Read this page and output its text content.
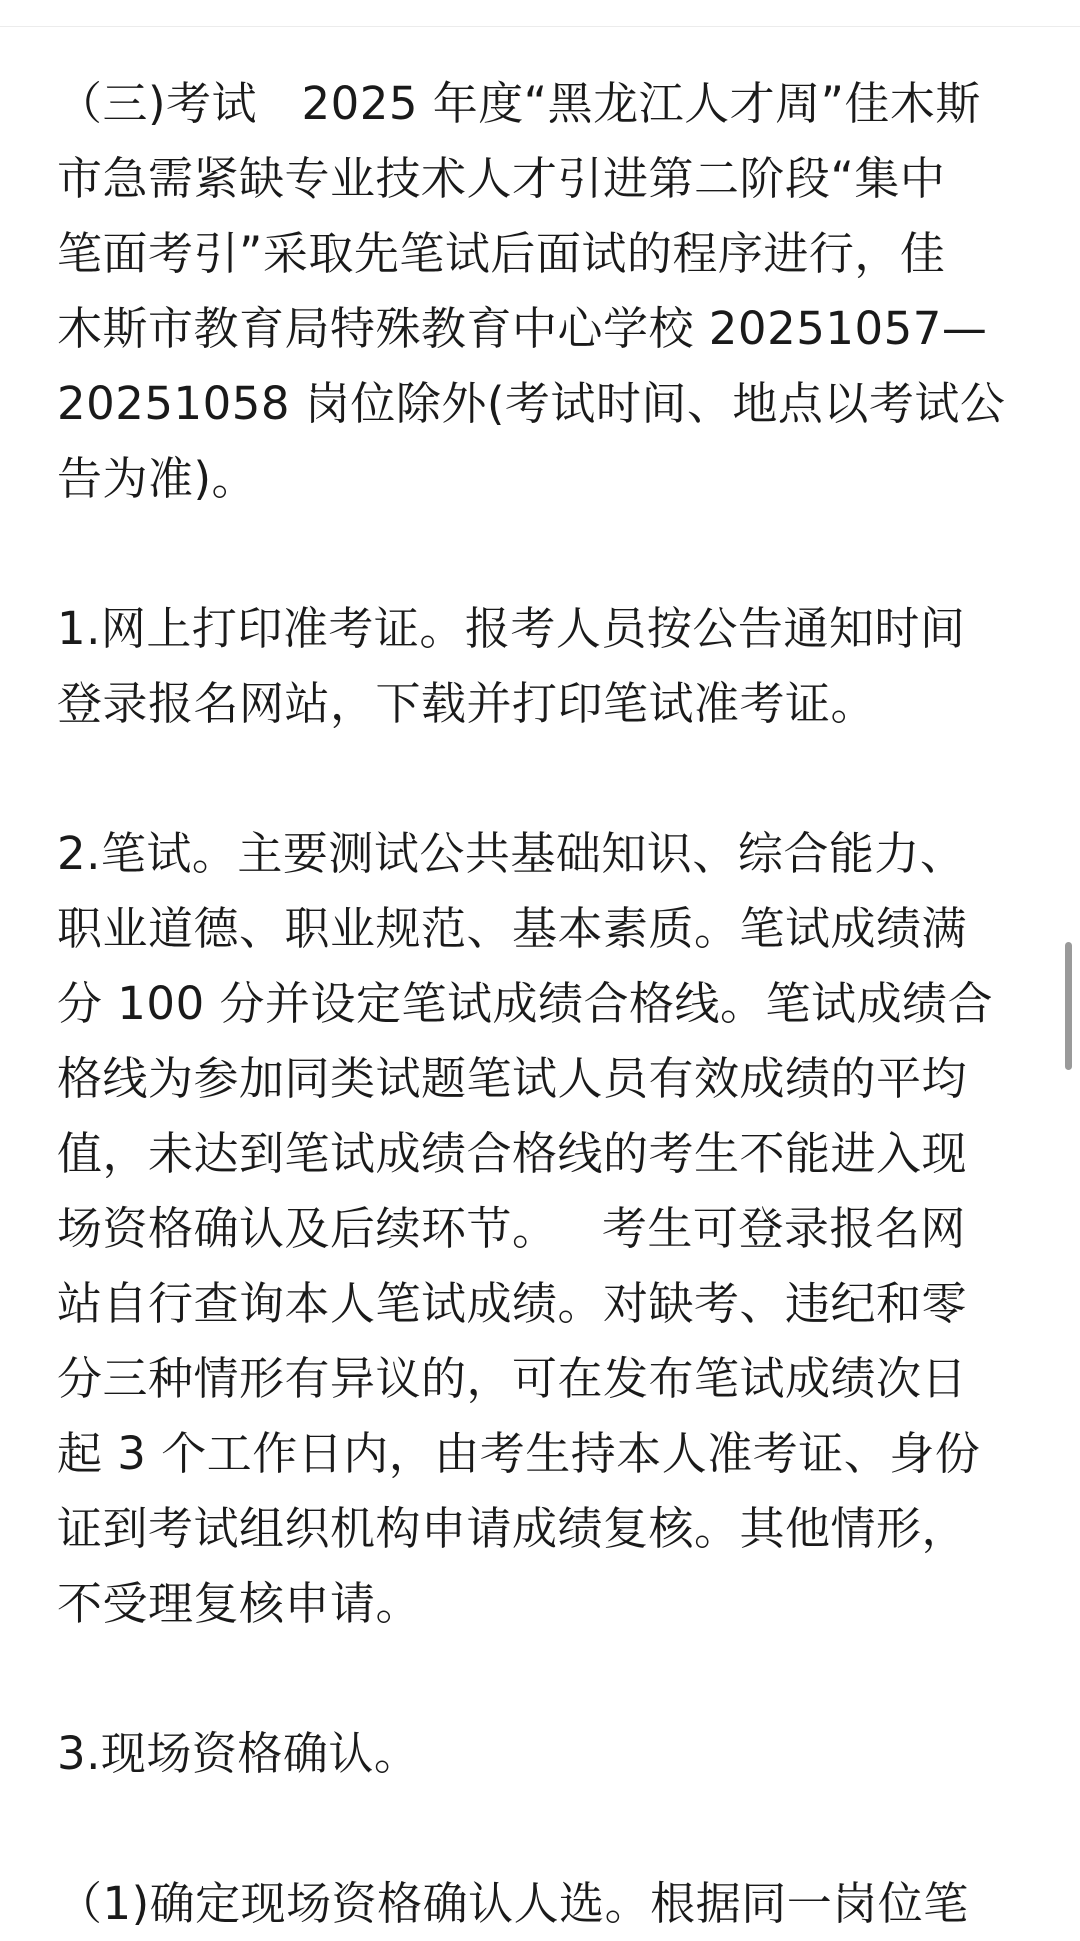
（三)考试   2025 年度“黑龙江人才周”佳木斯
市急需紧缺专业技术人才引进第二阶段“集中
笔面考引”采取先笔试后面试的程序进行，佳
木斯市教育局特殊教育中心学校 20251057—
20251058 岗位除外(考试时间、地点以考试公
告为准)。
1.网上打印准考证。报考人员按公告通知时间
登录报名网站，下载并打印笔试准考证。
2.笔试。主要测试公共基础知识、综合能力、
职业道德、职业规范、基本素质。笔试成绩满
分 100 分并设定笔试成绩合格线。笔试成绩合
格线为参加同类试题笔试人员有效成绩的平均
值，未达到笔试成绩合格线的考生不能进入现
场资格确认及后续环节。   考生可登录报名网
站自行查询本人笔试成绩。对缺考、违纪和零
分三种情形有异议的，可在发布笔试成绩次日
起 3 个工作日内，由考生持本人准考证、身份
证到考试组织机构申请成绩复核。其他情形，
不受理复核申请。
3.现场资格确认。
（1)确定现场资格确认人选。根据同一岗位笔
